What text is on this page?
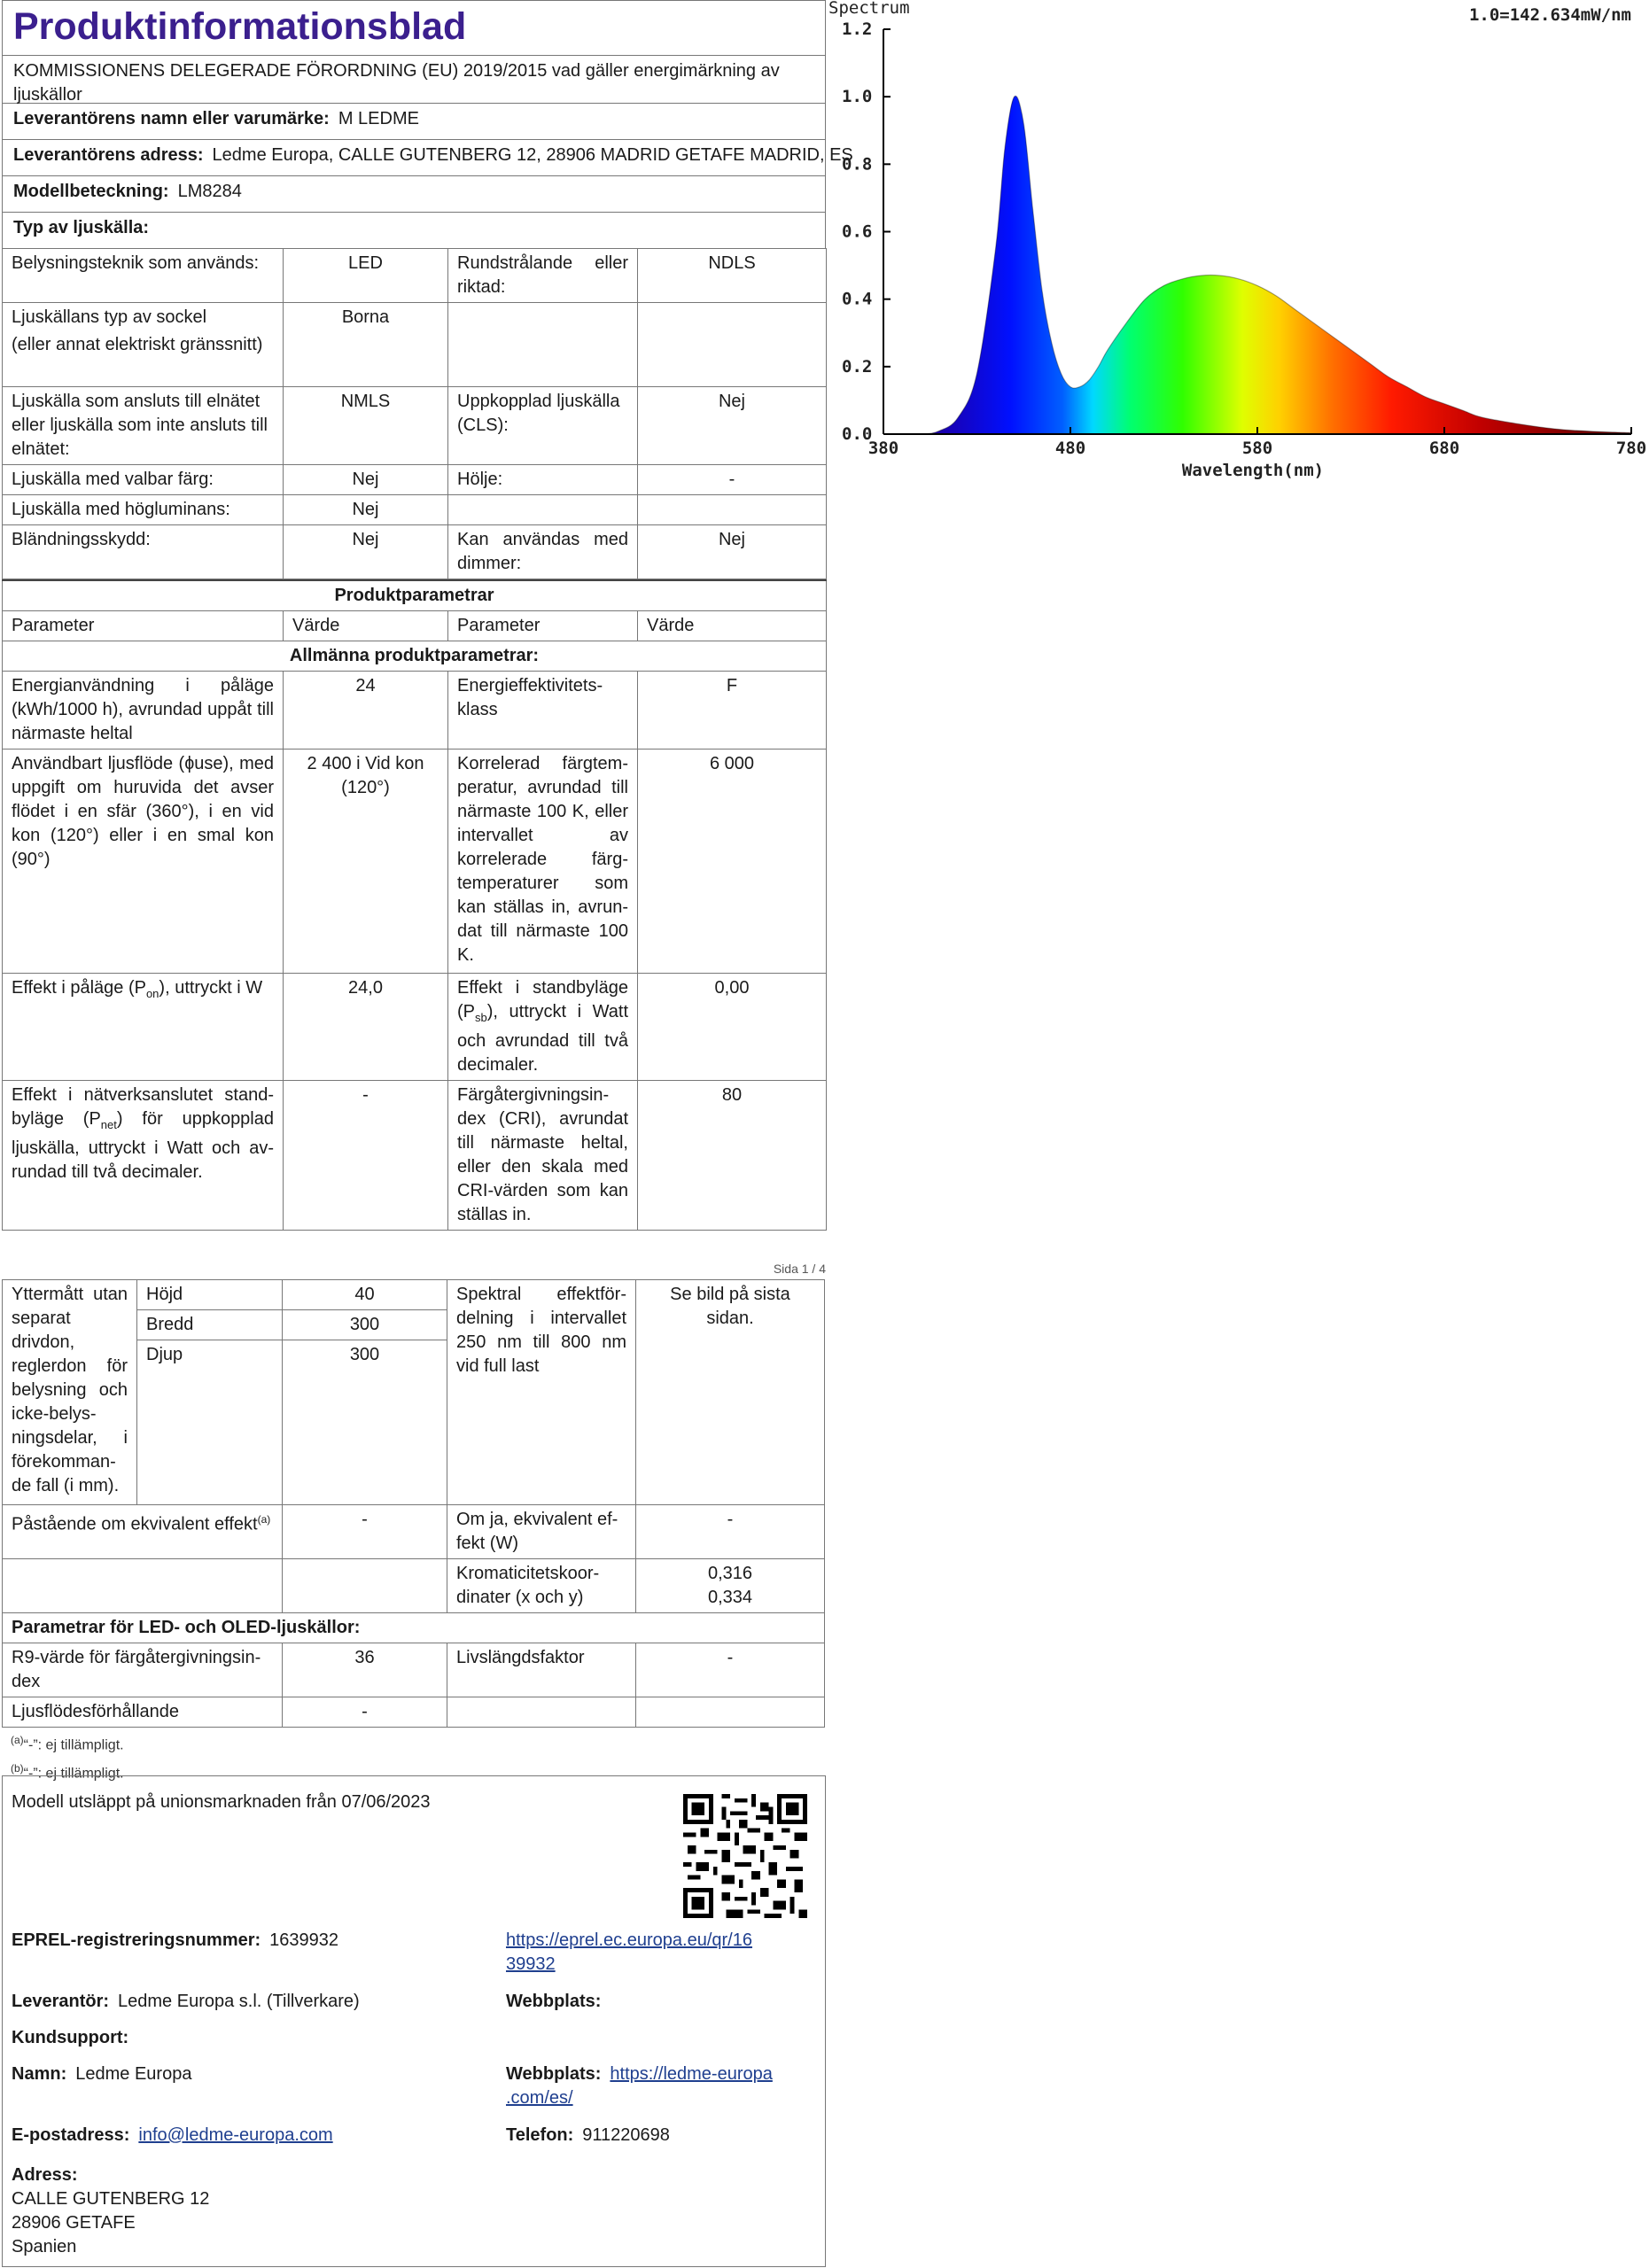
Produktinformationsblad
KOMMISSIONENS DELEGERADE FÖRORDNING (EU) 2019/2015 vad gäller energimärkning av ljuskällor
Leverantörens namn eller varumärke: M LEDME
Leverantörens adress: Ledme Europa, CALLE GUTENBERG 12, 28906 MADRID GETAFE MADRID, ES
Modellbeteckning: LM8284
Typ av ljuskälla:
Belysningsteknik som används:	LED	Rundstrålande eller riktad:	NDLS

Ljuskällans typ av sockel
(eller annat elektriskt gränssnitt)	Borna		
Ljuskälla som ansluts till elnätet eller ljuskälla som inte ansluts till elnätet:	NMLS	Uppkopplad ljuskälla (CLS):	Nej
Ljuskälla med valbar färg:	Nej	Hölje:	-
Ljuskälla med högluminans:	Nej		
Bländningsskydd:	Nej	Kan användas med dimmer:	Nej
Produktparametrar			
Parameter	Värde	Parameter	Värde
Allmänna produktparametrar:			
Energianvändning i påläge (kWh/1000 h), avrundad uppåt till närmaste heltal	24	Energieffektivitetsklass	F
Användbart ljusflöde (ɸuse), med uppgift om huruvida det avser flödet i en sfär (360°), i en vid kon (120°) eller i en smal kon (90°)	2 400 i Vid kon (120°)	Korrelerad färgtemperatur, avrundad till närmaste 100 K, eller intervallet av korrelerade färgtemperaturer som kan ställas in, avrundat till närmaste 100 K.	6 000
Effekt i påläge $(P_{on})$, uttryckt i W	24,0	Effekt i standbyläge $(P_{sb})$, uttryckt i Watt och avrundad till två decimaler.	0,00
Effekt i nätverksanslutet standbyläge $(P_{net})$ för uppkopplad ljuskälla, uttryckt i Watt och avrundad till två decimaler.	-	Färgåtergivningsindex (CRI), avrundat till närmaste heltal, eller den skala med CRI-värden som kan ställas in.	80
Sida 1 / 4
Yttermått utan separat drivdon, reglerdon för belysning och icke-belysningsdelar, i förekommande fall (i mm).	Höjd	40	Spektral effektfördelning i intervallet 250 nm till 800 nm vid full last	Se bild på sista sidan.
	Bredd	300		
	Djup	300		
Påstående om ekvivalent effekt$^{(a)}$		-	Om ja, ekvivalent effekt (W)	-
			Kromaticitetskoordinater (x och y)	0,316
0,334

Parametrar för LED- och OLED-ljuskällor:				
R9-värde för färgåtergivningsindex		36	Livslängdsfaktor	-
Ljusflödesförhållande		-		
$^{(a)}$“-”: ej tillämpligt.
$^{(b)}$“-”: ej tillämpligt.
Modell utsläppt på unionsmarknaden från 07/06/2023
EPREL-registreringsnummer: 1639932	https://eprel.ec.europa.eu/qr/16
39932
Leverantör: Ledme Europa s.l. (Tillverkare)	Webbplats:
Kundsupport:
Namn: Ledme Europa	Webbplats: https://ledme-europa
.com/es/
E-postadress: info@ledme-europa.com	Telefon: 911220698
Adress:
CALLE GUTENBERG 12
28906 GETAFE
Spanien
Spectrum	1.0=142.634mW/nm
0.0
0.2
0.4
0.6
0.8
1.0
1.2
380	480	580	680	780
Wavelength(nm)
